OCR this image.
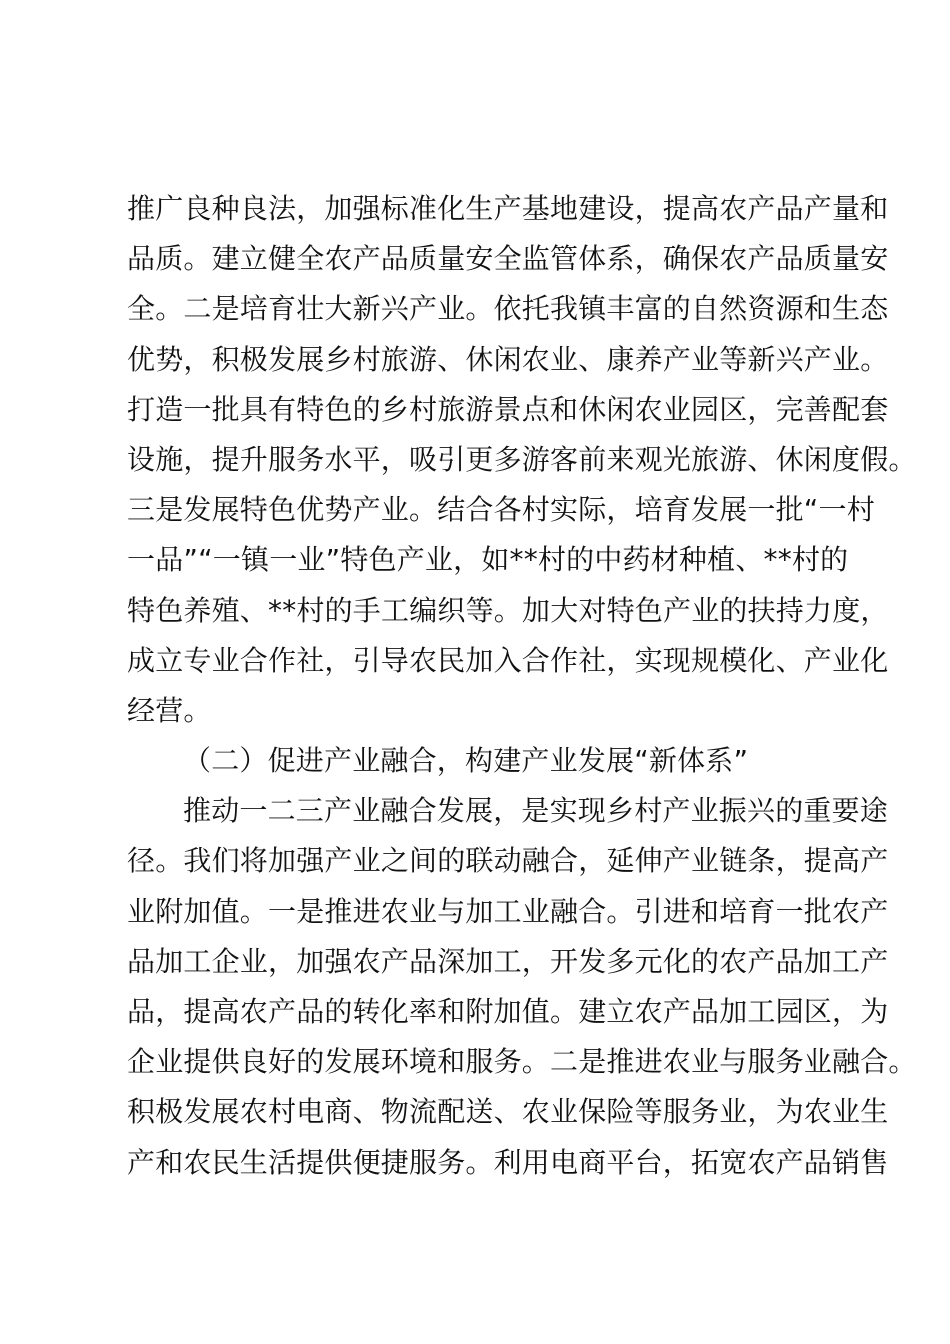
推广良种良法，加强标准化生产基地建设，提高农产品产量和
品质。建立健全农产品质量安全监管体系，确保农产品质量安
全。二是培育壮大新兴产业。依托我镇丰富的自然资源和生态
优势，积极发展乡村旅游、休闲农业、康养产业等新兴产业。
打造一批具有特色的乡村旅游景点和休闲农业园区，完善配套
设施，提升服务水平，吸引更多游客前来观光旅游、休闲度假。
三是发展特色优势产业。结合各村实际，培育发展一批“一村
一品”“一镇一业”特色产业，如**村的中药材种植、**村的
特色养殖、**村的手工编织等。加大对特色产业的扶持力度，
成立专业合作社，引导农民加入合作社，实现规模化、产业化
经营。
（二）促进产业融合，构建产业发展“新体系”
推动一二三产业融合发展，是实现乡村产业振兴的重要途
径。我们将加强产业之间的联动融合，延伸产业链条，提高产
业附加值。一是推进农业与加工业融合。引进和培育一批农产
品加工企业，加强农产品深加工，开发多元化的农产品加工产
品，提高农产品的转化率和附加值。建立农产品加工园区，为
企业提供良好的发展环境和服务。二是推进农业与服务业融合。
积极发展农村电商、物流配送、农业保险等服务业，为农业生
产和农民生活提供便捷服务。利用电商平台，拓宽农产品销售
